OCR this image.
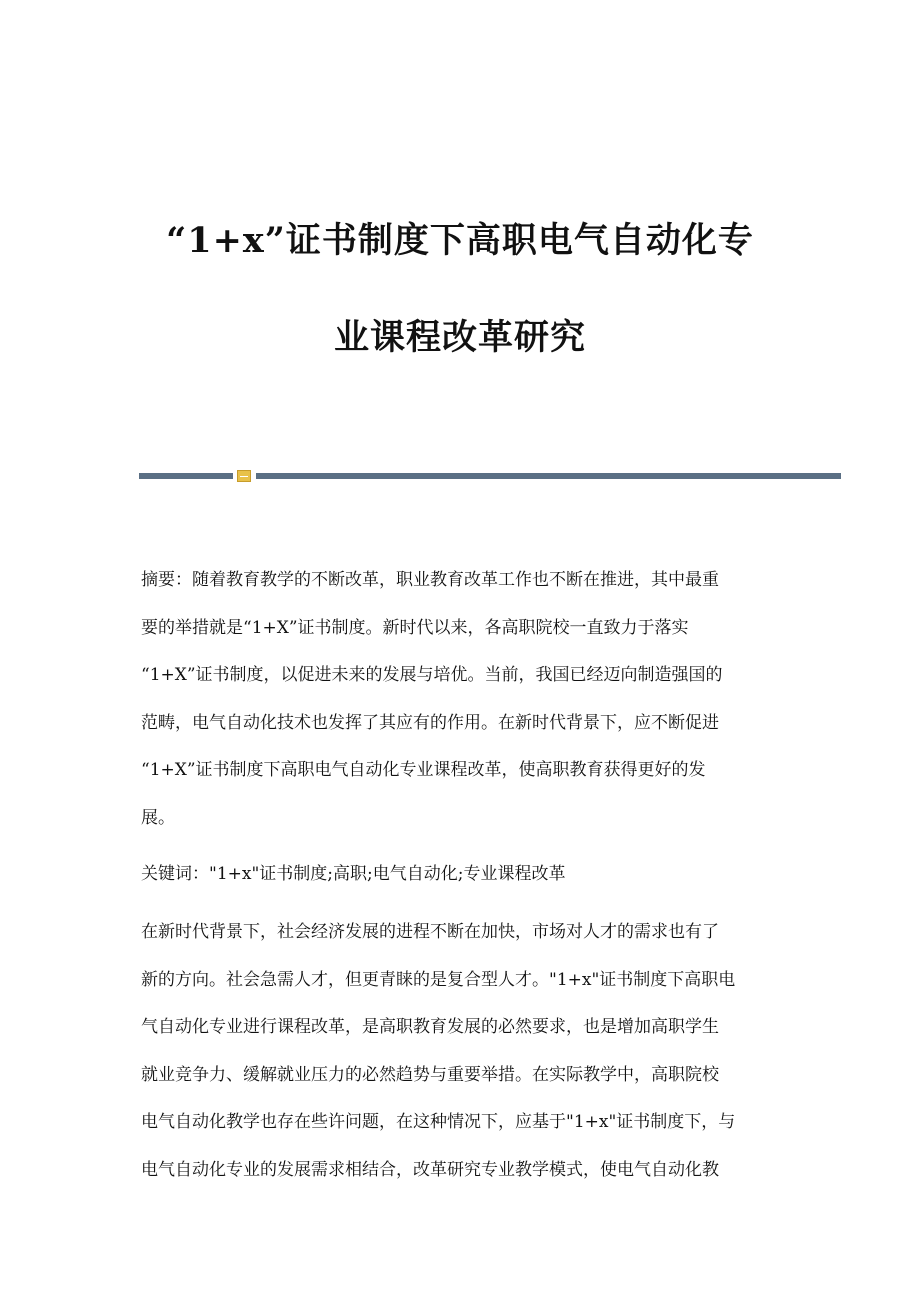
“1+x”证书制度下高职电气自动化专
业课程改革研究
摘要：随着教育教学的不断改革，职业教育改革工作也不断在推进，其中最重
要的举措就是“1+X”证书制度。新时代以来，各高职院校一直致力于落实
“1+X”证书制度，以促进未来的发展与培优。当前，我国已经迈向制造强国的
范畴，电气自动化技术也发挥了其应有的作用。在新时代背景下，应不断促进
“1+X”证书制度下高职电气自动化专业课程改革，使高职教育获得更好的发
展。
关键词："1+x"证书制度;高职;电气自动化;专业课程改革
在新时代背景下，社会经济发展的进程不断在加快，市场对人才的需求也有了
新的方向。社会急需人才，但更青睐的是复合型人才。"1+x"证书制度下高职电
气自动化专业进行课程改革，是高职教育发展的必然要求，也是增加高职学生
就业竞争力、缓解就业压力的必然趋势与重要举措。在实际教学中，高职院校
电气自动化教学也存在些许问题，在这种情况下，应基于"1+x"证书制度下，与
电气自动化专业的发展需求相结合，改革研究专业教学模式，使电气自动化教
